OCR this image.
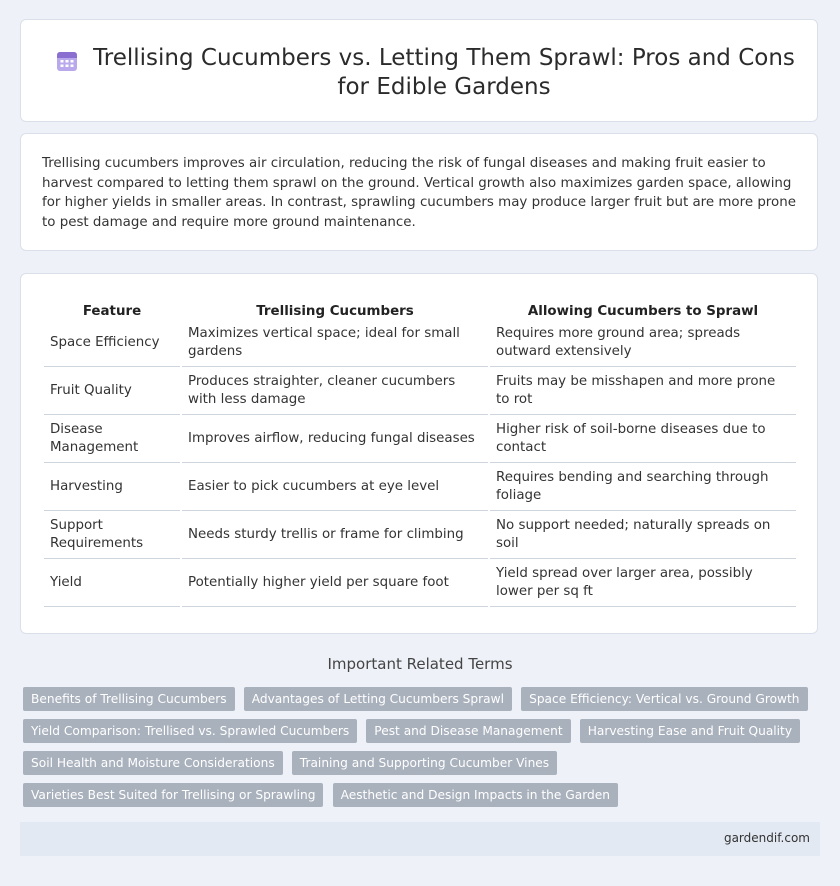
Trellising Cucumbers vs. Letting Them Sprawl: Pros and Cons for Edible Gardens

Trellising cucumbers improves air circulation, reducing the risk of fungal diseases and making fruit easier to harvest compared to letting them sprawl on the ground. Vertical growth also maximizes garden space, allowing for higher yields in smaller areas. In contrast, sprawling cucumbers may produce larger fruit but are more prone to pest damage and require more ground maintenance.

Feature	Trellising Cucumbers	Allowing Cucumbers to Sprawl
Space Efficiency	Maximizes vertical space; ideal for small gardens	Requires more ground area; spreads outward extensively
Fruit Quality	Produces straighter, cleaner cucumbers with less damage	Fruits may be misshapen and more prone to rot
Disease Management	Improves airflow, reducing fungal diseases	Higher risk of soil-borne diseases due to contact
Harvesting	Easier to pick cucumbers at eye level	Requires bending and searching through foliage
Support Requirements	Needs sturdy trellis or frame for climbing	No support needed; naturally spreads on soil
Yield	Potentially higher yield per square foot	Yield spread over larger area, possibly lower per sq ft
Important Related Terms
Benefits of Trellising Cucumbers Advantages of Letting Cucumbers Sprawl Space Efficiency: Vertical vs. Ground Growth Yield Comparison: Trellised vs. Sprawled Cucumbers Pest and Disease Management Harvesting Ease and Fruit Quality Soil Health and Moisture Considerations Training and Supporting Cucumber Vines Varieties Best Suited for Trellising or Sprawling Aesthetic and Design Impacts in the Garden
gardendif.com
